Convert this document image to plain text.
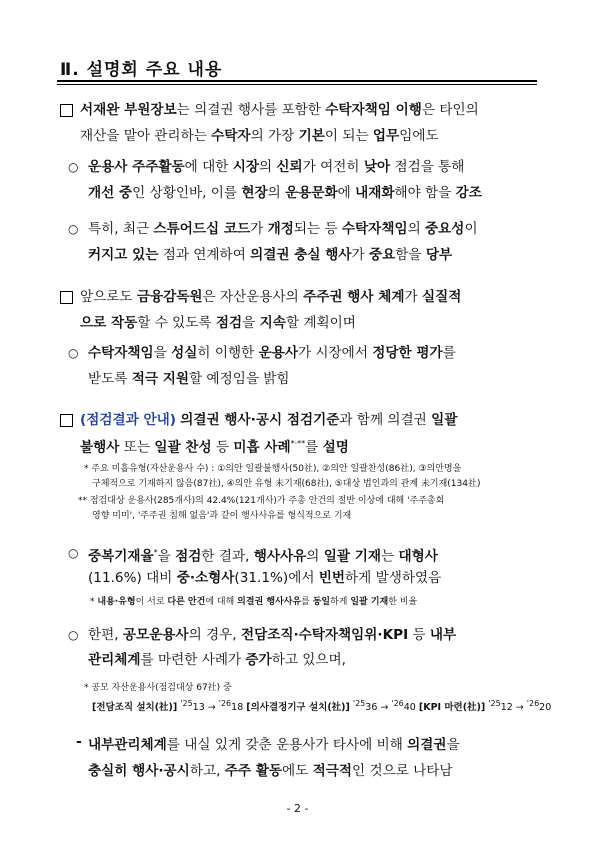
Ⅱ. 설명회 주요 내용
서재완 부원장보는 의결권 행사를 포함한 수탁자책임 이행은 타인의
재산을 맡아 관리하는 수탁자의 가장 기본이 되는 업무임에도
○ 운용사 주주활동에 대한 시장의 신뢰가 여전히 낮아 점검을 통해
개선 중인 상황인바, 이를 현장의 운용문화에 내재화해야 함을 강조
○ 특히, 최근 스튜어드십 코드가 개정되는 등 수탁자책임의 중요성이
커지고 있는 점과 연계하여 의결권 충실 행사가 중요함을 당부
앞으로도 금융감독원은 자산운용사의 주주권 행사 체계가 실질적
으로 작동할 수 있도록 점검을 지속할 계획이며
○ 수탁자책임을 성실히 이행한 운용사가 시장에서 정당한 평가를
받도록 적극 지원할 예정임을 밝힘
(점검결과 안내) 의결권 행사·공시 점검기준과 함께 의결권 일괄
불행사 또는 일괄 찬성 등 미흡 사례*·**를 설명
* 주요 미흡유형(자산운용사 수) : ①의안 일괄불행사(50社), ②의안 일괄찬성(86社), ③의안명을
구체적으로 기재하지 않음(87社), ④의안 유형 未기재(68社), ⑤대상 법인과의 관계 未기재(134社)
** 점검대상 운용사(285개사)의 42.4%(121개사)가 주총 안건의 절반 이상에 대해 '주주총회
영향 미미', '주주권 침해 없음'과 같이 행사사유를 형식적으로 기재
○ 중복기재율*을 점검한 결과, 행사사유의 일괄 기재는 대형사
(11.6%) 대비 중·소형사(31.1%)에서 빈번하게 발생하였음
* 내용·유형이 서로 다른 안건에 대해 의결권 행사사유를 동일하게 일괄 기재한 비율
○ 한편, 공모운용사의 경우, 전담조직·수탁자책임위·KPI 등 내부
관리체계를 마련한 사례가 증가하고 있으며,
* 공모 자산운용사(점검대상 67社) 중
[전담조직 설치(社)] $^{'25}$13 → $^{'26}$18 [의사결정기구 설치(社)] $^{'25}$36 → $^{'26}$40 [KPI 마련(社)] $^{'25}$12 → $^{'26}$20
- 내부관리체계를 내실 있게 갖춘 운용사가 타사에 비해 의결권을
충실히 행사·공시하고, 주주 활동에도 적극적인 것으로 나타남
- 2 -
